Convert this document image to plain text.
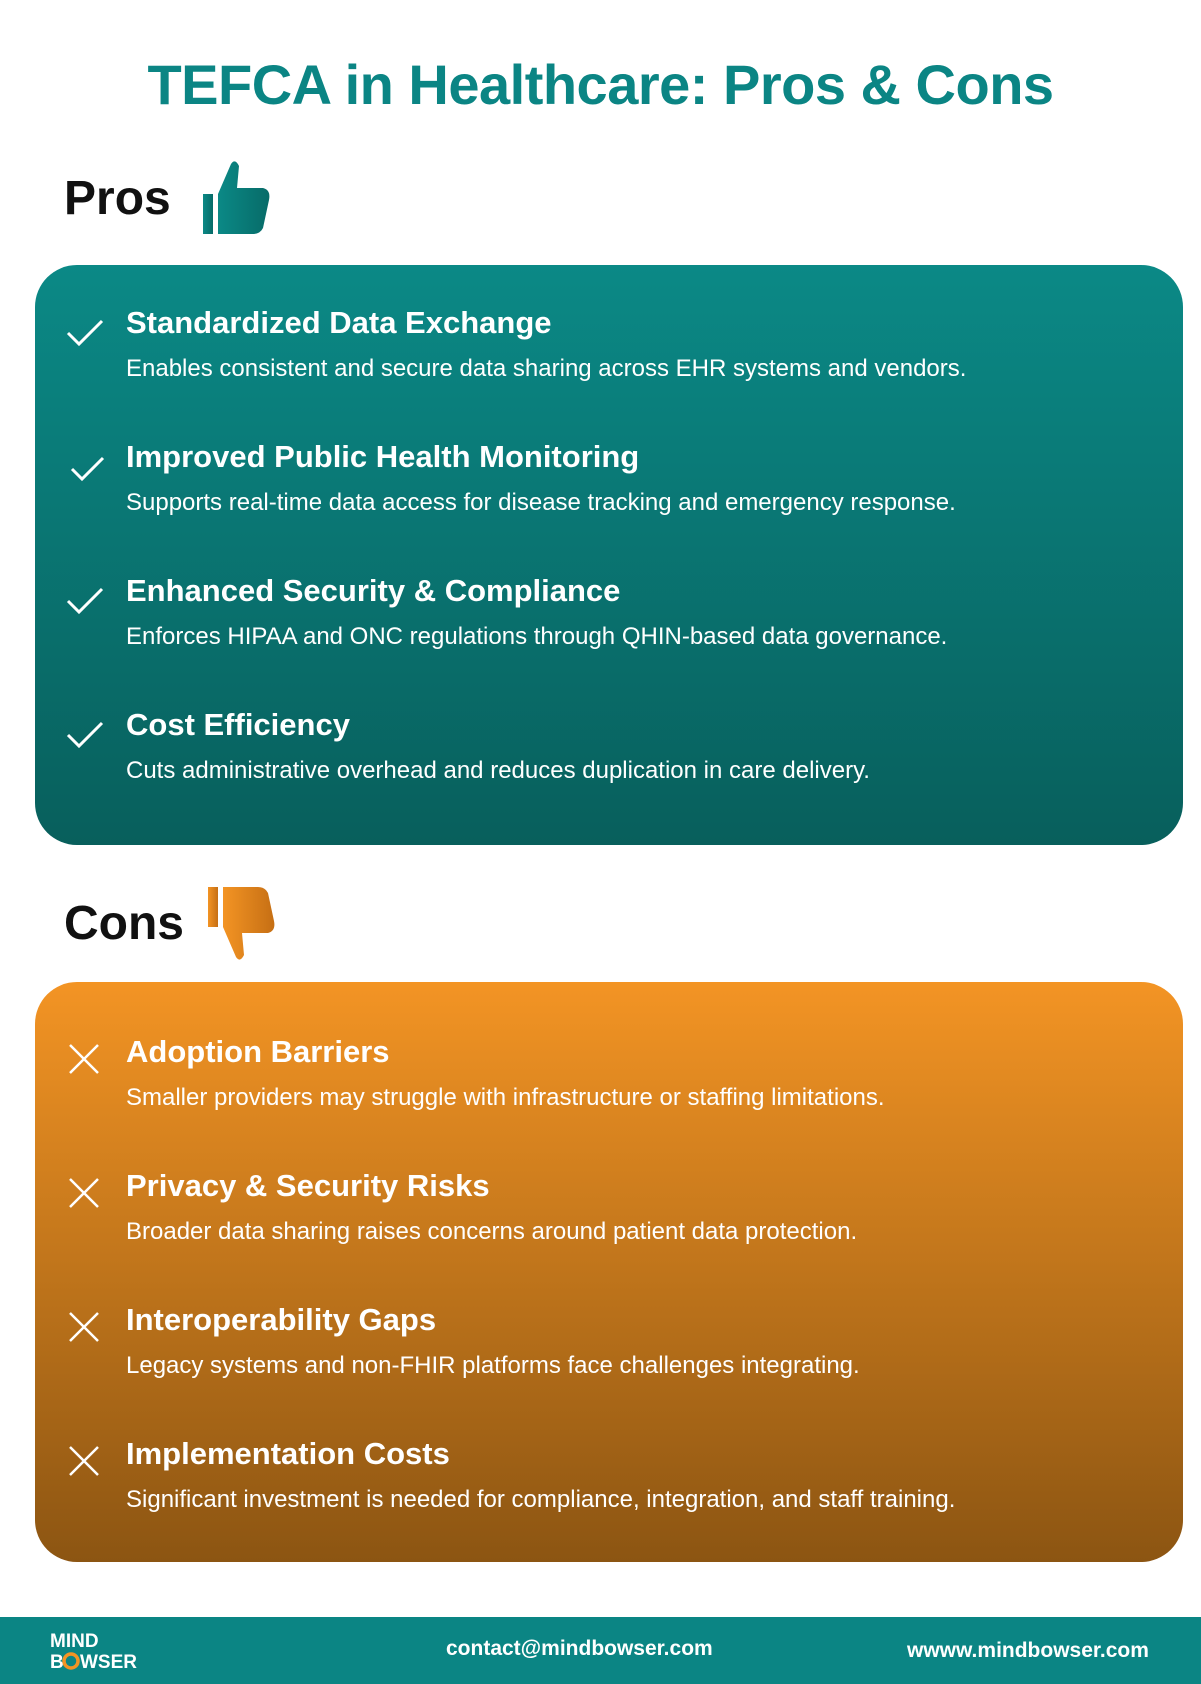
TEFCA in Healthcare: Pros & Cons
Pros
Standardized Data Exchange
Enables consistent and secure data sharing across EHR systems and vendors.
Improved Public Health Monitoring
Supports real-time data access for disease tracking and emergency response.
Enhanced Security & Compliance
Enforces HIPAA and ONC regulations through QHIN-based data governance.
Cost Efficiency
Cuts administrative overhead and reduces duplication in care delivery.
Cons
Adoption Barriers
Smaller providers may struggle with infrastructure or staffing limitations.
Privacy & Security Risks
Broader data sharing raises concerns around patient data protection.
Interoperability Gaps
Legacy systems and non-FHIR platforms face challenges integrating.
Implementation Costs
Significant investment is needed for compliance, integration, and staff training.
MIND
B WSER
contact@mindbowser.com	wwww.mindbowser.com
